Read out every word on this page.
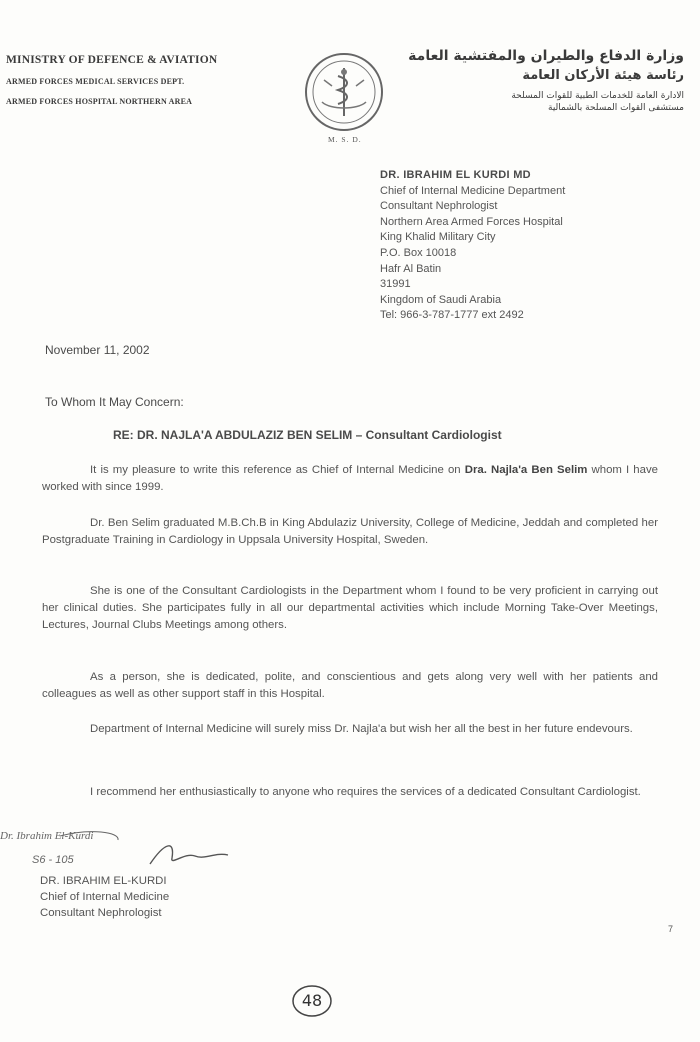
MINISTRY OF DEFENCE & AVIATION
ARMED FORCES MEDICAL SERVICES DEPT.
ARMED FORCES HOSPITAL NORTHERN AREA
M. S. D.
وزارة الدفاع والطيران والمفتشية العامة
رئاسة هيئة الأركان العامة
الادارة العامة للخدمات الطبية للقوات المسلحة
مستشفى القوات المسلحة بالشمالية
DR. IBRAHIM EL KURDI MD
Chief of Internal Medicine Department
Consultant Nephrologist
Northern Area Armed Forces Hospital
King Khalid Military City
P.O. Box 10018
Hafr Al Batin
31991
Kingdom of Saudi Arabia
Tel: 966-3-787-1777 ext 2492
November 11, 2002
To Whom It May Concern:
RE: DR. NAJLA'A ABDULAZIZ BEN SELIM – Consultant Cardiologist

It is my pleasure to write this reference as Chief of Internal Medicine on Dra. Najla'a Ben Selim whom I have worked with since 1999.

Dr. Ben Selim graduated M.B.Ch.B in King Abdulaziz University, College of Medicine, Jeddah and completed her Postgraduate Training in Cardiology in Uppsala University Hospital, Sweden.

She is one of the Consultant Cardiologists in the Department whom I found to be very proficient in carrying out her clinical duties. She participates fully in all our departmental activities which include Morning Take-Over Meetings, Lectures, Journal Clubs Meetings among others.

As a person, she is dedicated, polite, and conscientious and gets along very well with her patients and colleagues as well as other support staff in this Hospital.

Department of Internal Medicine will surely miss Dr. Najla'a but wish her all the best in her future endevours.

I recommend her enthusiastically to anyone who requires the services of a dedicated Consultant Cardiologist.

Dr. Ibrahim El-Kurdi
S6 - 105
DR. IBRAHIM EL-KURDI
Chief of Internal Medicine
Consultant Nephrologist
7
48
